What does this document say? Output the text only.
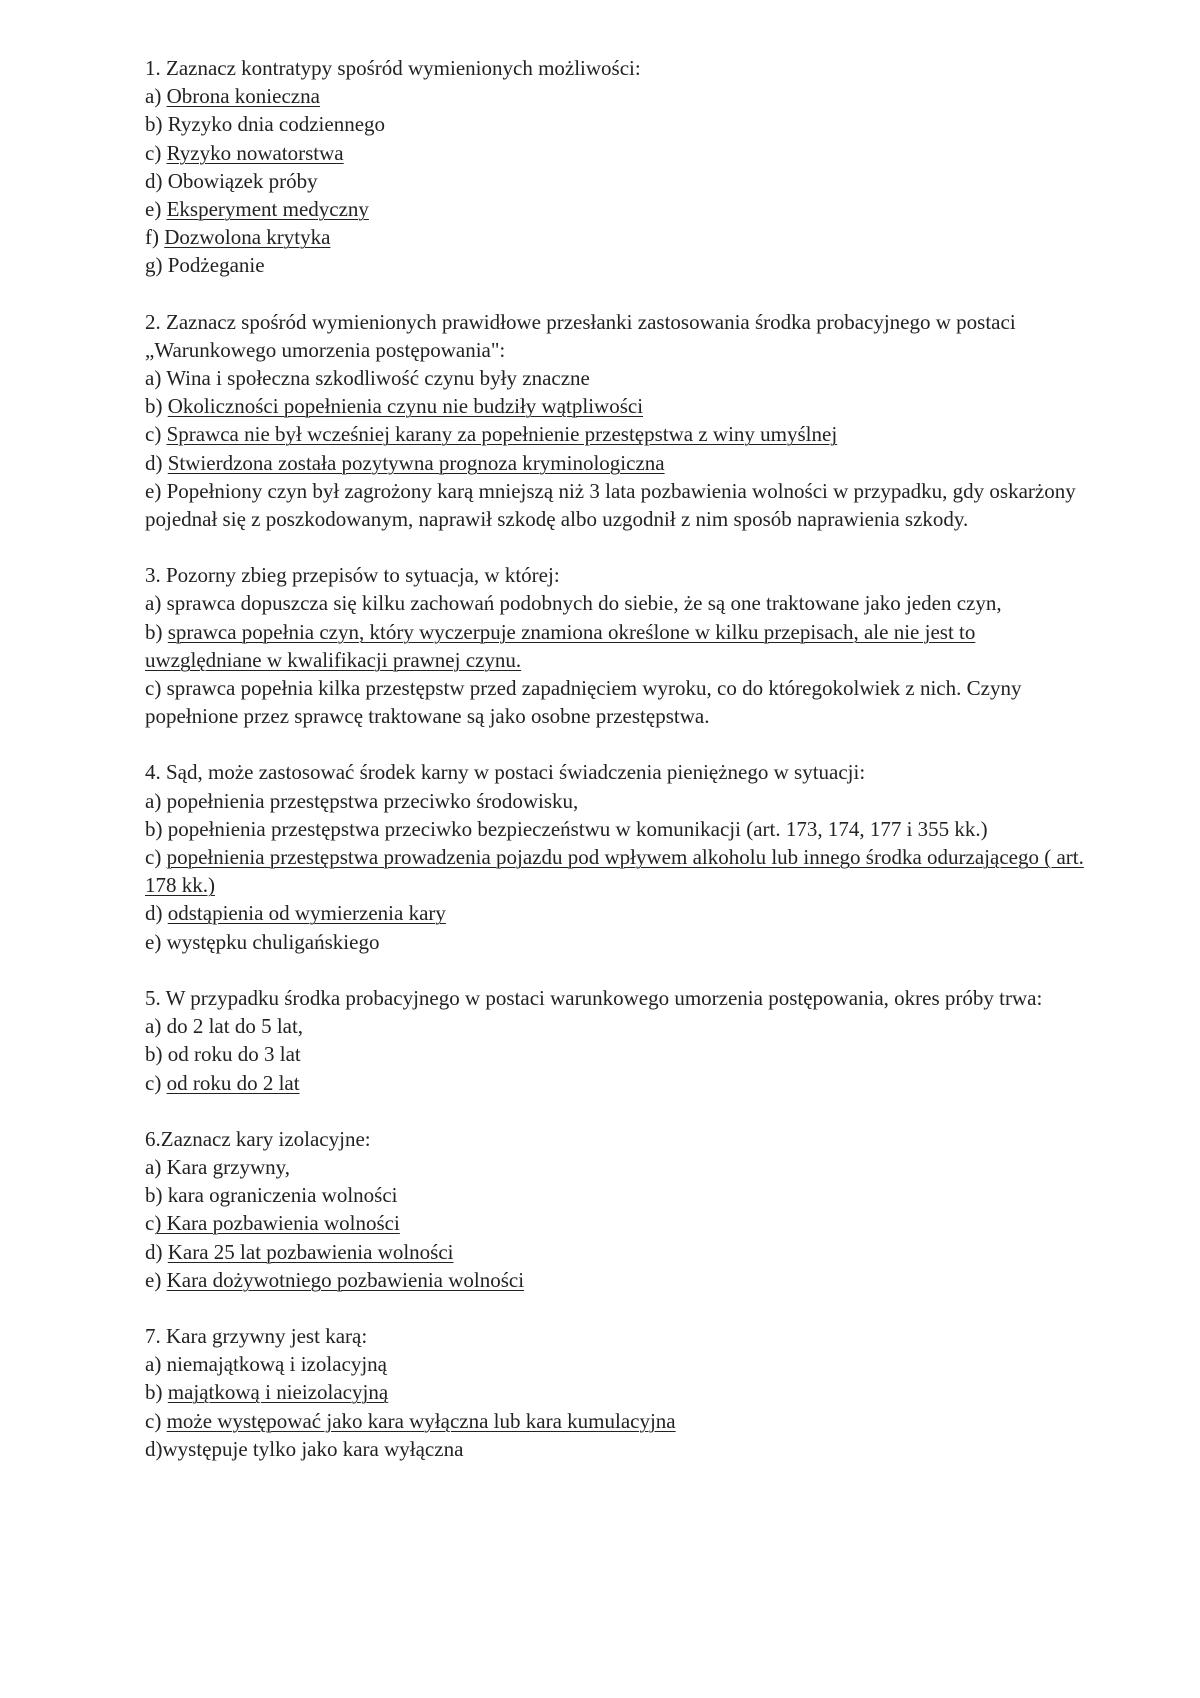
1. Zaznacz kontratypy spośród wymienionych możliwości:
a) Obrona konieczna
b) Ryzyko dnia codziennego
c) Ryzyko nowatorstwa
d) Obowiązek próby
e) Eksperyment medyczny
f) Dozwolona krytyka
g) Podżeganie
2. Zaznacz spośród wymienionych prawidłowe przesłanki zastosowania środka probacyjnego w postaci „Warunkowego umorzenia postępowania":
a) Wina i społeczna szkodliwość czynu były znaczne
b) Okoliczności popełnienia czynu nie budziły wątpliwości
c) Sprawca nie był wcześniej karany za popełnienie przestępstwa z winy umyślnej
d) Stwierdzona została pozytywna prognoza kryminologiczna
e) Popełniony czyn był zagrożony karą mniejszą niż 3 lata pozbawienia wolności w przypadku, gdy oskarżony pojednał się z poszkodowanym, naprawił szkodę albo uzgodnił z nim sposób naprawienia szkody.
3. Pozorny zbieg przepisów to sytuacja, w której:
a) sprawca dopuszcza się kilku zachowań podobnych do siebie, że są one traktowane jako jeden czyn,
b) sprawca popełnia czyn, który wyczerpuje znamiona określone w kilku przepisach, ale nie jest to uwzględniane w kwalifikacji prawnej czynu.
c) sprawca popełnia kilka przestępstw przed zapadnięciem wyroku, co do któregokolwiek z nich. Czyny popełnione przez sprawcę traktowane są jako osobne przestępstwa.
4. Sąd, może zastosować środek karny w postaci świadczenia pieniężnego w sytuacji:
a) popełnienia przestępstwa przeciwko środowisku,
b) popełnienia przestępstwa przeciwko bezpieczeństwu w komunikacji (art. 173, 174, 177 i 355 kk.)
c) popełnienia przestępstwa prowadzenia pojazdu pod wpływem alkoholu lub innego środka odurzającego ( art. 178 kk.)
d) odstąpienia od wymierzenia kary
e) występku chuligańskiego
5. W przypadku środka probacyjnego w postaci warunkowego umorzenia postępowania, okres próby trwa:
a) do 2 lat do 5 lat,
b) od roku do 3 lat
c) od roku do 2 lat
6.Zaznacz kary izolacyjne:
a) Kara grzywny,
b) kara ograniczenia wolności
c) Kara pozbawienia wolności
d) Kara 25 lat pozbawienia wolności
e) Kara dożywotniego pozbawienia wolności
7. Kara grzywny jest karą:
a) niemajątkową i izolacyjną
b) majątkową i nieizolacyjną
c) może występować jako kara wyłączna lub kara kumulacyjna
d)występuje tylko jako kara wyłączna
